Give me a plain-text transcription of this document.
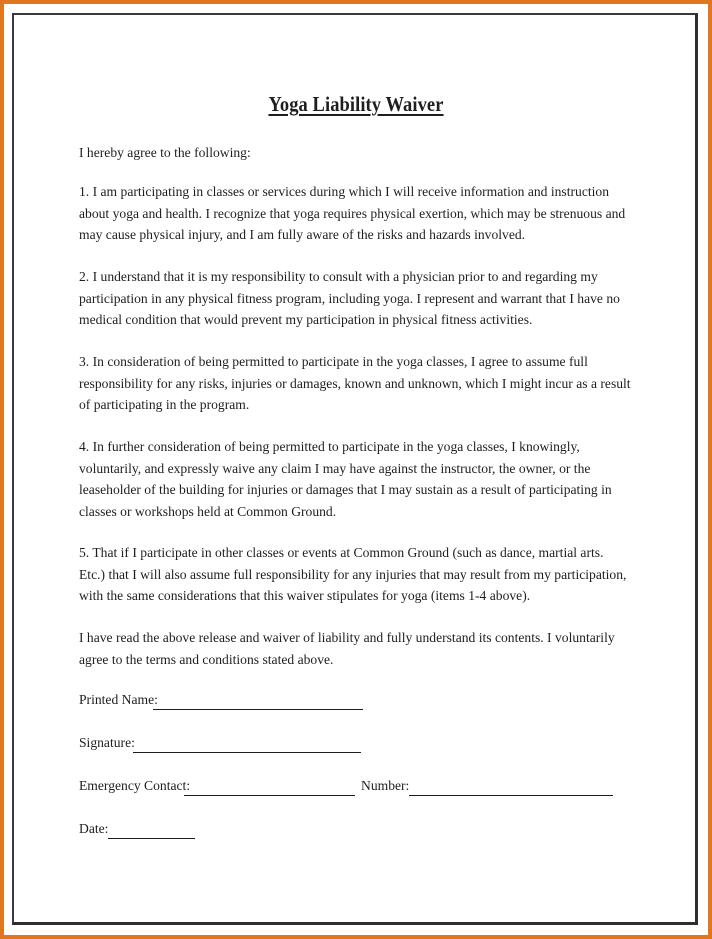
Yoga Liability Waiver

I hereby agree to the following:

1. I am participating in classes or services during which I will receive information and instruction about yoga and health. I recognize that yoga requires physical exertion, which may be strenuous and may cause physical injury, and I am fully aware of the risks and hazards involved.

2. I understand that it is my responsibility to consult with a physician prior to and regarding my participation in any physical fitness program, including yoga. I represent and warrant that I have no medical condition that would prevent my participation in physical fitness activities.

3. In consideration of being permitted to participate in the yoga classes, I agree to assume full responsibility for any risks, injuries or damages, known and unknown, which I might incur as a result of participating in the program.

4. In further consideration of being permitted to participate in the yoga classes, I knowingly, voluntarily, and expressly waive any claim I may have against the instructor, the owner, or the leaseholder of the building for injuries or damages that I may sustain as a result of participating in classes or workshops held at Common Ground.

5. That if I participate in other classes or events at Common Ground (such as dance, martial arts. Etc.) that I will also assume full responsibility for any injuries that may result from my participation, with the same considerations that this waiver stipulates for yoga (items 1-4 above).

I have read the above release and waiver of liability and fully understand its contents. I voluntarily agree to the terms and conditions stated above.

Printed Name:
Signature:
Emergency Contact:	Number:
Date:
